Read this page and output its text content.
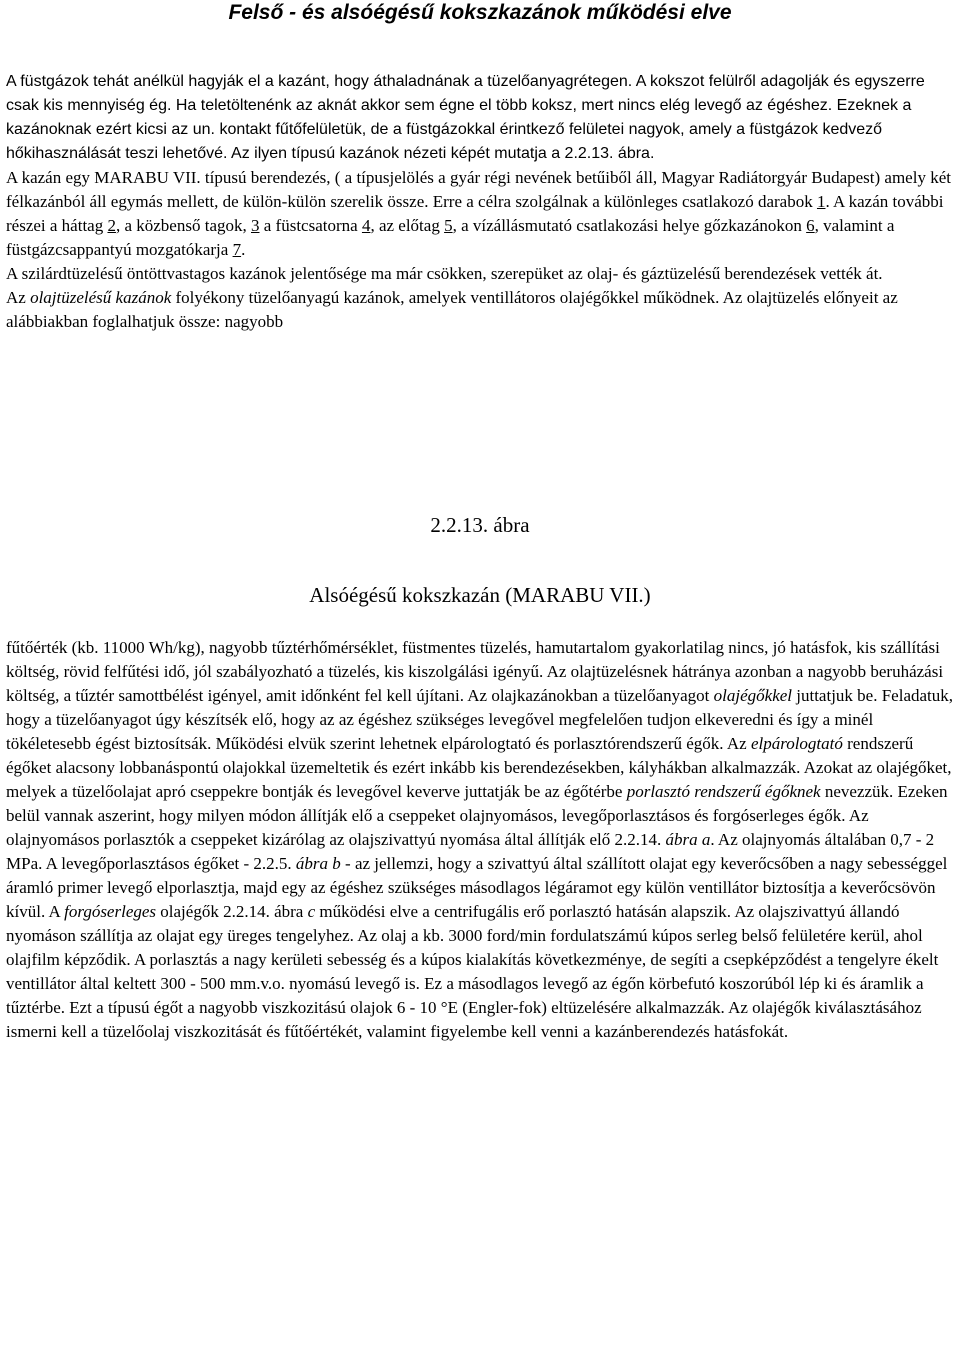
Felső - és alsóégésű kokszkazánok működési elve

A füstgázok tehát anélkül hagyják el a kazánt, hogy áthaladnának a tüzelőanyagrétegen. A kokszot felülről adagolják és egyszerre csak kis mennyiség ég. Ha teletöltenénk az aknát akkor sem égne el több koksz, mert nincs elég levegő az égéshez. Ezeknek a kazánoknak ezért kicsi az un. kontakt fűtőfelületük, de a füstgázokkal érintkező felületei nagyok, amely a füstgázok kedvező hőkihasználását teszi lehetővé. Az ilyen típusú kazánok nézeti képét mutatja a 2.2.13. ábra.

A kazán egy MARABU VII. típusú berendezés, ( a típusjelölés a gyár régi nevének betűiből áll, Magyar Radiátorgyár Budapest) amely két félkazánból áll egymás mellett, de külön-külön szerelik össze. Erre a célra szolgálnak a különleges csatlakozó darabok 1. A kazán további részei a háttag 2, a közbenső tagok, 3 a füstcsatorna 4, az előtag 5, a vízállásmutató csatlakozási helye gőzkazánokon 6, valamint a füstgázcsappantyú mozgatókarja 7.

A szilárdtüzelésű öntöttvastagos kazánok jelentősége ma már csökken, szerepüket az olaj- és gáztüzelésű berendezések vették át.

Az olajtüzelésű kazánok folyékony tüzelőanyagú kazánok, amelyek ventillátoros olajégőkkel működnek. Az olajtüzelés előnyeit az alábbiakban foglalhatjuk össze: nagyobb

2.2.13. ábra

Alsóégésű kokszkazán (MARABU VII.)

fűtőérték (kb. 11000 Wh/kg), nagyobb tűztérhőmérséklet, füstmentes tüzelés, hamutartalom gyakorlatilag nincs, jó hatásfok, kis szállítási költség, rövid felfűtési idő, jól szabályozható a tüzelés, kis kiszolgálási igényű. Az olajtüzelésnek hátránya azonban a nagyobb beruházási költség, a tűztér samottbélést igényel, amit időnként fel kell újítani. Az olajkazánokban a tüzelőanyagot olajégőkkel juttatjuk be. Feladatuk, hogy a tüzelőanyagot úgy készítsék elő, hogy az az égéshez szükséges levegővel megfelelően tudjon elkeveredni és így a minél tökéletesebb égést biztosítsák. Működési elvük szerint lehetnek elpárologtató és porlasztórendszerű égők. Az elpárologtató rendszerű égőket alacsony lobbanáspontú olajokkal üzemeltetik és ezért inkább kis berendezésekben, kályhákban alkalmazzák. Azokat az olajégőket, melyek a tüzelőolajat apró cseppekre bontják és levegővel keverve juttatják be az égőtérbe porlasztó rendszerű égőknek nevezzük. Ezeken belül vannak aszerint, hogy milyen módon állítják elő a cseppeket olajnyomásos, levegőporlasztásos és forgóserleges égők. Az olajnyomásos porlasztók a cseppeket kizárólag az olajszivattyú nyomása által állítják elő 2.2.14. ábra a. Az olajnyomás általában 0,7 - 2 MPa. A levegőporlasztásos égőket - 2.2.5. ábra b - az jellemzi, hogy a szivattyú által szállított olajat egy keverőcsőben a nagy sebességgel áramló primer levegő elporlasztja, majd egy az égéshez szükséges másodlagos légáramot egy külön ventillátor biztosítja a keverőcsövön kívül. A forgóserleges olajégők 2.2.14. ábra c működési elve a centrifugális erő porlasztó hatásán alapszik. Az olajszivattyú állandó nyomáson szállítja az olajat egy üreges tengelyhez. Az olaj a kb. 3000 ford/min fordulatszámú kúpos serleg belső felületére kerül, ahol olajfilm képződik. A porlasztás a nagy kerületi sebesség és a kúpos kialakítás következménye, de segíti a csepképződést a tengelyre ékelt ventillátor által keltett 300 - 500 mm.v.o. nyomású levegő is. Ez a másodlagos levegő az égőn körbefutó koszorúból lép ki és áramlik a tűztérbe. Ezt a típusú égőt a nagyobb viszkozitású olajok 6 - 10 °E (Engler-fok) eltüzelésére alkalmazzák. Az olajégők kiválasztásához ismerni kell a tüzelőolaj viszkozitását és fűtőértékét, valamint figyelembe kell venni a kazánberendezés hatásfokát.
